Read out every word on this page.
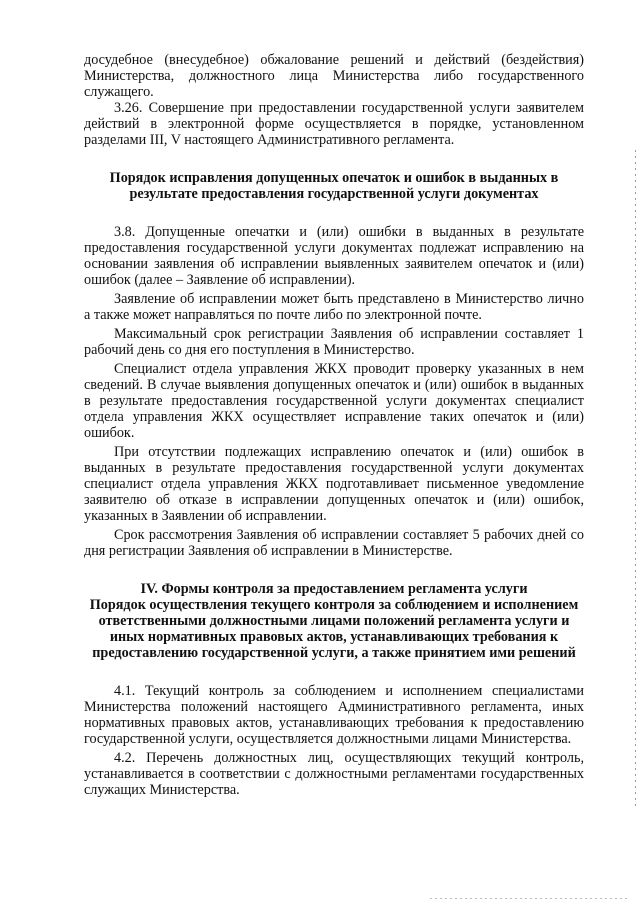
досудебное (внесудебное) обжалование решений и действий (бездействия) Министерства, должностного лица Министерства либо государственного служащего.

3.26. Совершение при предоставлении государственной услуги заявителем действий в электронной форме осуществляется в порядке, установленном разделами III, V настоящего Административного регламента.

Порядок исправления допущенных опечаток и ошибок в выданных в результате предоставления государственной услуги документах

3.8. Допущенные опечатки и (или) ошибки в выданных в результате предоставления государственной услуги документах подлежат исправлению на основании заявления об исправлении выявленных заявителем опечаток и (или) ошибок (далее – Заявление об исправлении).

Заявление об исправлении может быть представлено в Министерство лично а также может направляться по почте либо по электронной почте.

Максимальный срок регистрации Заявления об исправлении составляет 1 рабочий день со дня его поступления в Министерство.

Специалист отдела управления ЖКХ проводит проверку указанных в нем сведений. В случае выявления допущенных опечаток и (или) ошибок в выданных в результате предоставления государственной услуги документах специалист отдела управления ЖКХ осуществляет исправление таких опечаток и (или) ошибок.

При отсутствии подлежащих исправлению опечаток и (или) ошибок в выданных в результате предоставления государственной услуги документах специалист отдела управления ЖКХ подготавливает письменное уведомление заявителю об отказе в исправлении допущенных опечаток и (или) ошибок, указанных в Заявлении об исправлении.

Срок рассмотрения Заявления об исправлении составляет 5 рабочих дней со дня регистрации Заявления об исправлении в Министерстве.

IV. Формы контроля за предоставлением регламента услуги
Порядок осуществления текущего контроля за соблюдением и исполнением ответственными должностными лицами положений регламента услуги и иных нормативных правовых актов, устанавливающих требования к предоставлению государственной услуги, а также принятием ими решений

4.1. Текущий контроль за соблюдением и исполнением специалистами Министерства положений настоящего Административного регламента, иных нормативных правовых актов, устанавливающих требования к предоставлению государственной услуги, осуществляется должностными лицами Министерства.

4.2. Перечень должностных лиц, осуществляющих текущий контроль, устанавливается в соответствии с должностными регламентами государственных служащих Министерства.
